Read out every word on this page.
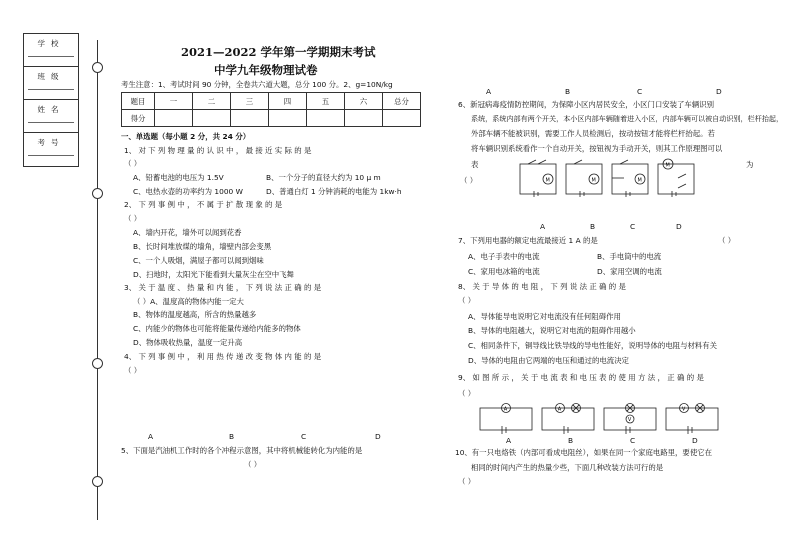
学校
班级
姓名
考号
2021—2022 学年第一学期期末考试
中学九年级物理试卷
考生注意：1、考试时间 90 分钟，全卷共六道大题，总分 100 分。2、g=10N/kg
题目	一	二	三	四	五	六	总分
得分							
一、单选题（每小题 2 分，共 24 分）
1、 对 下 列 物 理 量 的 认 识 中 ， 最 接 近 实 际 的 是
（ ）
A、铅蓄电池的电压为 1.5V	B、一个分子的直径大约为 10 μ m
C、电热水壶的功率约为 1000 W	D、普通白灯 1 分钟消耗的电能为 1kw·h
2、 下 列 事 例 中 ， 不 属 于 扩 散 现 象 的 是
（ ）
A、墙内开花，墙外可以闻到花香
B、长时间堆放煤的墙角，墙壁内部会变黑
C、一个人吸烟，满屋子都可以闻到烟味
D、扫地时，太阳光下能看到大量灰尘在空中飞舞
3、 关 于 温 度 、 热 量 和 内 能 ， 下 列 说 法 正 确 的 是
（ ）A、温度高的物体内能一定大
B、物体的温度越高，所含的热量越多
C、内能少的物体也可能将能量传递给内能多的物体
D、物体吸收热量，温度一定升高
4、 下 列 事 例 中 ， 利 用 热 传 递 改 变 物 体 内 能 的 是
（ ）
A	B	C	D
5、下面是汽油机工作时的各个冲程示意图，其中将机械能转化为内能的是
（ ）
A	B	C	D
6、新冠病毒疫情防控期间，为保障小区内居民安全，小区门口安装了车辆识别
系统，系统内部有两个开关，本小区内部车辆随着进入小区，内部车辆可以被自动识别，栏杆抬起，
外部车辆不能被识别，需要工作人员检测后，按动按钮才能将栏杆抬起。若
将车辆识别系统看作一个自动开关，按钮视为手动开关，则其工作原理图可以
表	为
（ ）	M	M	M
M
A	B	C	D
7、下列用电器的额定电流最接近 1 A 的是	（ ）
A、电子手表中的电流	B、手电筒中的电流
C、家用电冰箱的电流	D、家用空调的电流
8、 关 于 导 体 的 电 阻 ， 下 列 说 法 正 确 的 是
（ ）
A、导体能导电说明它对电流没有任何阻碍作用
B、导体的电阻越大，说明它对电流的阻碍作用越小
C、相同条件下，铜导线比铁导线的导电性能好，说明导体的电阻与材料有关
D、导体的电阻由它两端的电压和通过的电流决定
9、 如 图 所 示 ， 关 于 电 流 表 和 电 压 表 的 使 用 方 法 ， 正 确 的 是
（ ）
A	A
V
V
A	B	C	D
10、有一只电烙铁（内部可看成电阻丝），如果在同一个家庭电路里，要使它在
相同的时间内产生的热量少些，下面几种改装方法可行的是
（ ）
